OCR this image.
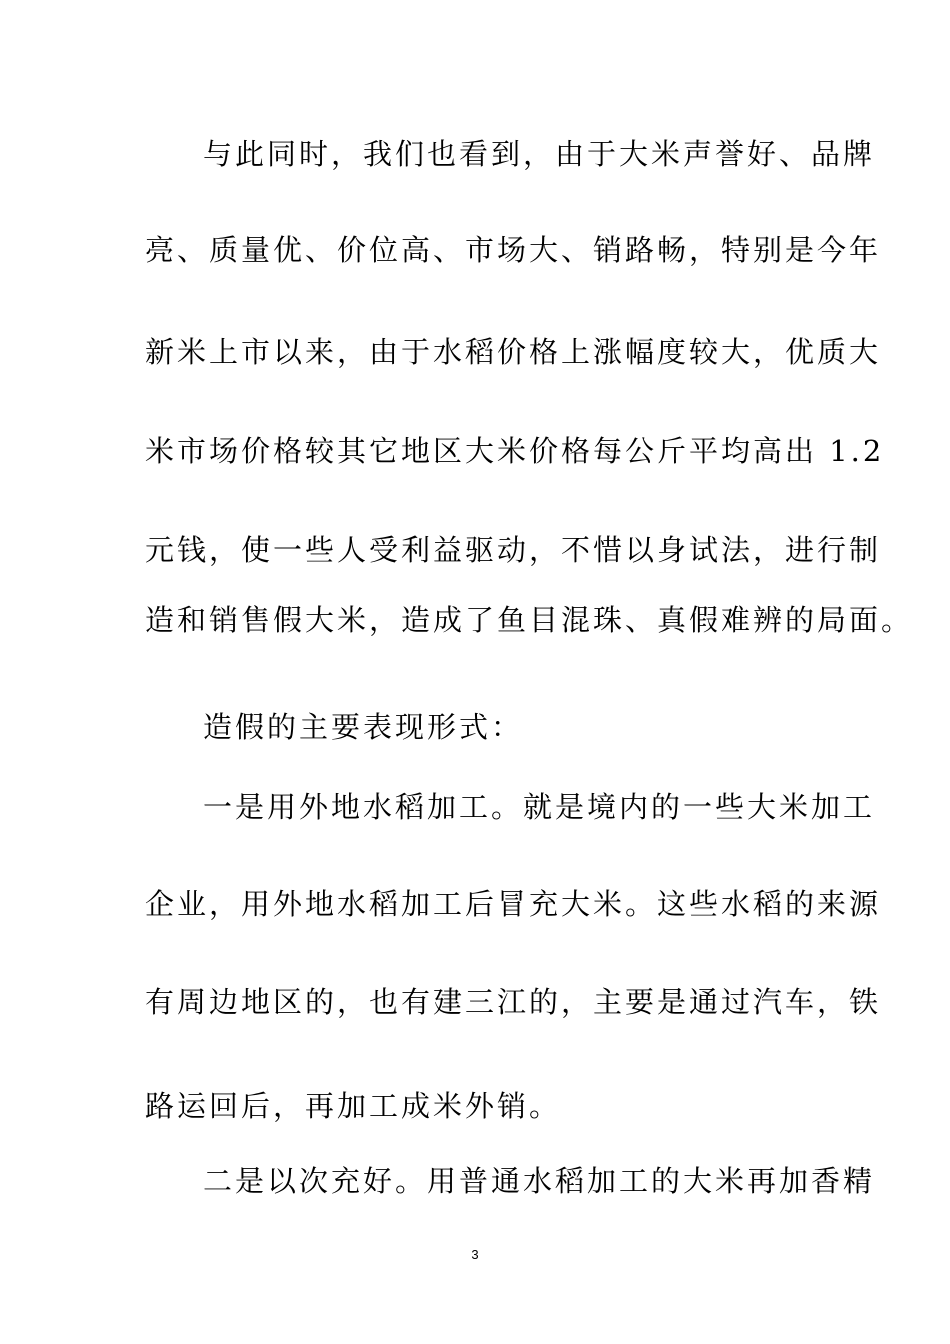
与此同时，我们也看到，由于大米声誉好、品牌

亮、质量优、价位高、市场大、销路畅，特别是今年

新米上市以来，由于水稻价格上涨幅度较大，优质大

米市场价格较其它地区大米价格每公斤平均高出 1.2

元钱，使一些人受利益驱动，不惜以身试法，进行制

造和销售假大米，造成了鱼目混珠、真假难辨的局面。

造假的主要表现形式：

一是用外地水稻加工。就是境内的一些大米加工

企业，用外地水稻加工后冒充大米。这些水稻的来源

有周边地区的，也有建三江的，主要是通过汽车，铁

路运回后，再加工成米外销。

二是以次充好。用普通水稻加工的大米再加香精

3
